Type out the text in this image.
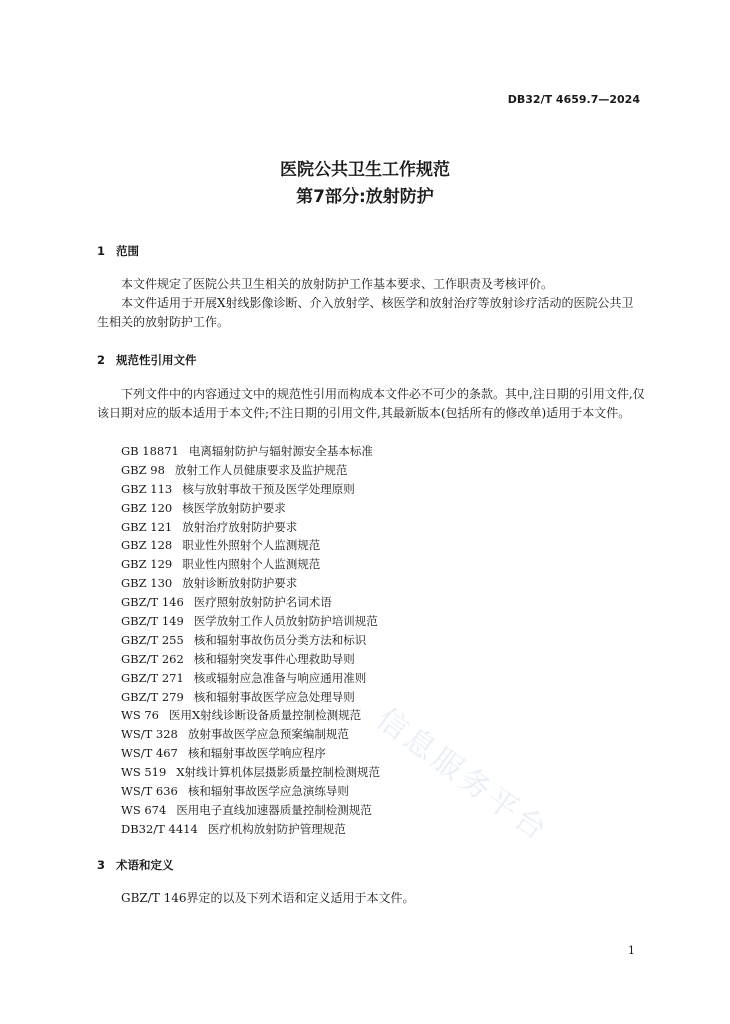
DB32/T 4659.7—2024
医院公共卫生工作规范
第7部分:放射防护
1 范围
本文件规定了医院公共卫生相关的放射防护工作基本要求、工作职责及考核评价。
本文件适用于开展X射线影像诊断、介入放射学、核医学和放射治疗等放射诊疗活动的医院公共卫生相关的放射防护工作。
2 规范性引用文件
下列文件中的内容通过文中的规范性引用而构成本文件必不可少的条款。其中,注日期的引用文件,仅该日期对应的版本适用于本文件;不注日期的引用文件,其最新版本(包括所有的修改单)适用于本文件。
信息服务平台
GB 18871 电离辐射防护与辐射源安全基本标准
GBZ 98 放射工作人员健康要求及监护规范
GBZ 113 核与放射事故干预及医学处理原则
GBZ 120 核医学放射防护要求
GBZ 121 放射治疗放射防护要求
GBZ 128 职业性外照射个人监测规范
GBZ 129 职业性内照射个人监测规范
GBZ 130 放射诊断放射防护要求
GBZ/T 146 医疗照射放射防护名词术语
GBZ/T 149 医学放射工作人员放射防护培训规范
GBZ/T 255 核和辐射事故伤员分类方法和标识
GBZ/T 262 核和辐射突发事件心理救助导则
GBZ/T 271 核或辐射应急准备与响应通用准则
GBZ/T 279 核和辐射事故医学应急处理导则
WS 76 医用X射线诊断设备质量控制检测规范
WS/T 328 放射事故医学应急预案编制规范
WS/T 467 核和辐射事故医学响应程序
WS 519 X射线计算机体层摄影质量控制检测规范
WS/T 636 核和辐射事故医学应急演练导则
WS 674 医用电子直线加速器质量控制检测规范
DB32/T 4414 医疗机构放射防护管理规范
3 术语和定义
GBZ/T 146界定的以及下列术语和定义适用于本文件。
1
